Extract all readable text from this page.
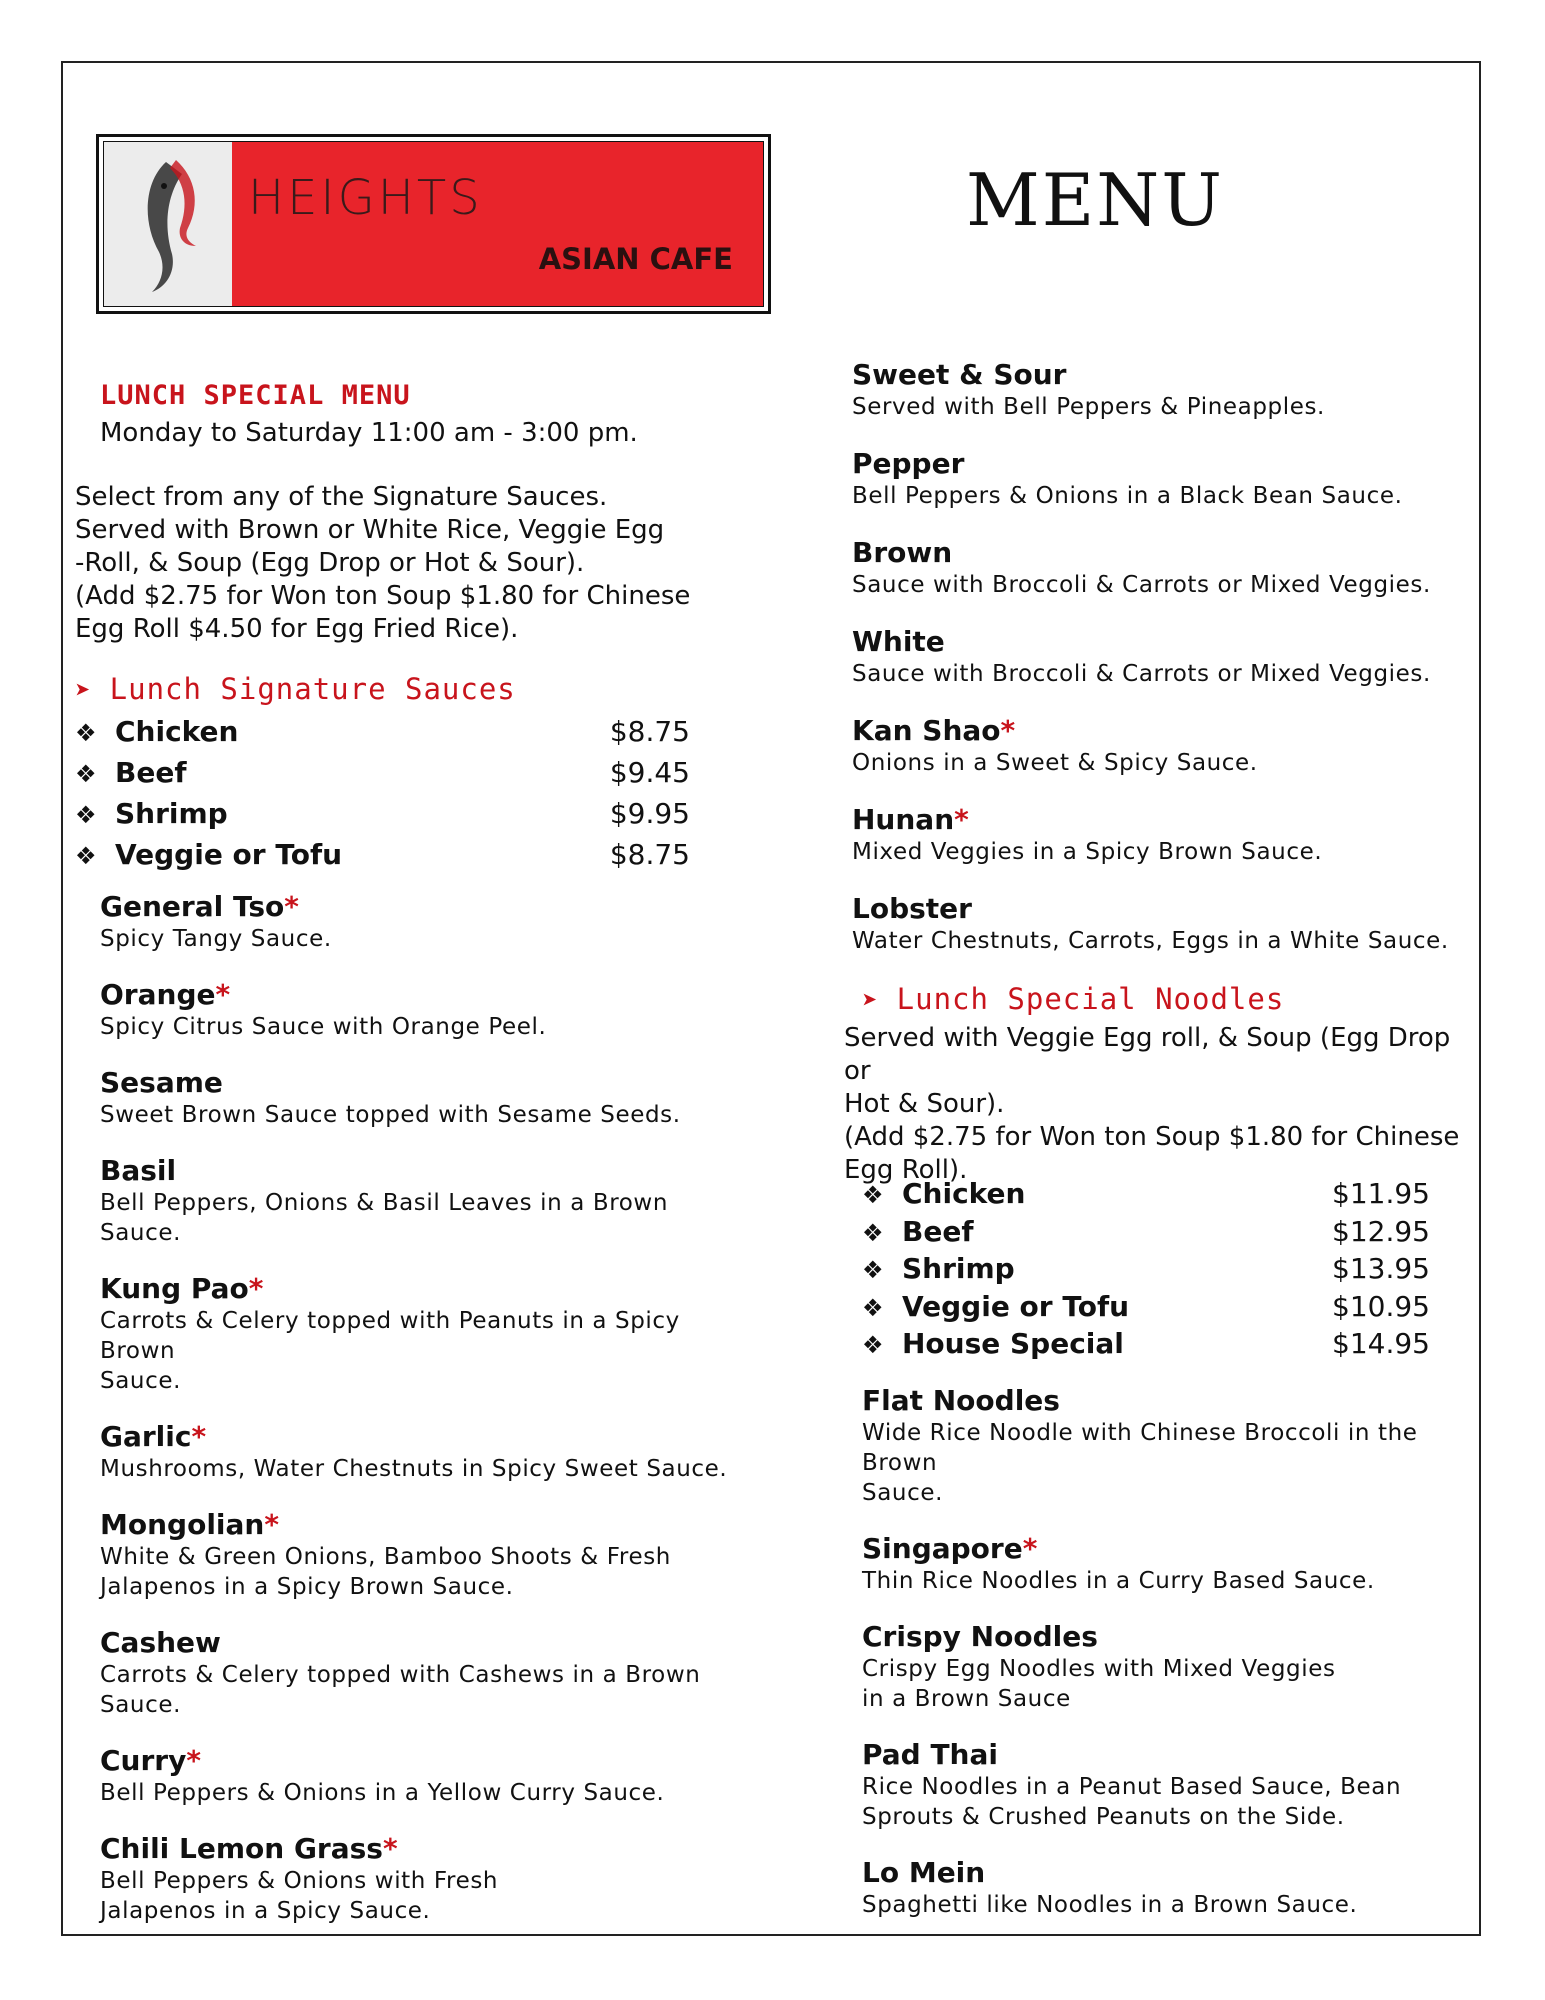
HEIGHTS
ASIAN CAFE
MENU
LUNCH SPECIAL MENU
Monday to Saturday 11:00 am - 3:00 pm.
Select from any of the Signature Sauces.
Served with Brown or White Rice, Veggie Egg
-Roll, & Soup (Egg Drop or Hot & Sour).
(Add $2.75 for Won ton Soup $1.80 for Chinese
Egg Roll $4.50 for Egg Fried Rice).
➤ Lunch Signature Sauces
❖ Chicken	$8.75
❖ Beef	$9.45
❖ Shrimp	$9.95
❖ Veggie or Tofu	$8.75
General Tso*
Spicy Tangy Sauce.
Orange*
Spicy Citrus Sauce with Orange Peel.
Sesame
Sweet Brown Sauce topped with Sesame Seeds.
Basil
Bell Peppers, Onions & Basil Leaves in a Brown Sauce.
Kung Pao*
Carrots & Celery topped with Peanuts in a Spicy Brown
Sauce.
Garlic*
Mushrooms, Water Chestnuts in Spicy Sweet Sauce.
Mongolian*
White & Green Onions, Bamboo Shoots & Fresh
Jalapenos in a Spicy Brown Sauce.
Cashew
Carrots & Celery topped with Cashews in a Brown
Sauce.
Curry*
Bell Peppers & Onions in a Yellow Curry Sauce.
Chili Lemon Grass*
Bell Peppers & Onions with Fresh
Jalapenos in a Spicy Sauce.
Sweet & Sour
Served with Bell Peppers & Pineapples.
Pepper
Bell Peppers & Onions in a Black Bean Sauce.
Brown
Sauce with Broccoli & Carrots or Mixed Veggies.
White
Sauce with Broccoli & Carrots or Mixed Veggies.
Kan Shao*
Onions in a Sweet & Spicy Sauce.
Hunan*
Mixed Veggies in a Spicy Brown Sauce.
Lobster
Water Chestnuts, Carrots, Eggs in a White Sauce.
➤ Lunch Special Noodles
Served with Veggie Egg roll, & Soup (Egg Drop or
Hot & Sour).
(Add $2.75 for Won ton Soup $1.80 for Chinese
Egg Roll).
❖ Chicken	$11.95
❖ Beef	$12.95
❖ Shrimp	$13.95
❖ Veggie or Tofu	$10.95
❖ House Special	$14.95
Flat Noodles
Wide Rice Noodle with Chinese Broccoli in the Brown
Sauce.
Singapore*
Thin Rice Noodles in a Curry Based Sauce.
Crispy Noodles
Crispy Egg Noodles with Mixed Veggies
in a Brown Sauce
Pad Thai
Rice Noodles in a Peanut Based Sauce, Bean
Sprouts & Crushed Peanuts on the Side.
Lo Mein
Spaghetti like Noodles in a Brown Sauce.
